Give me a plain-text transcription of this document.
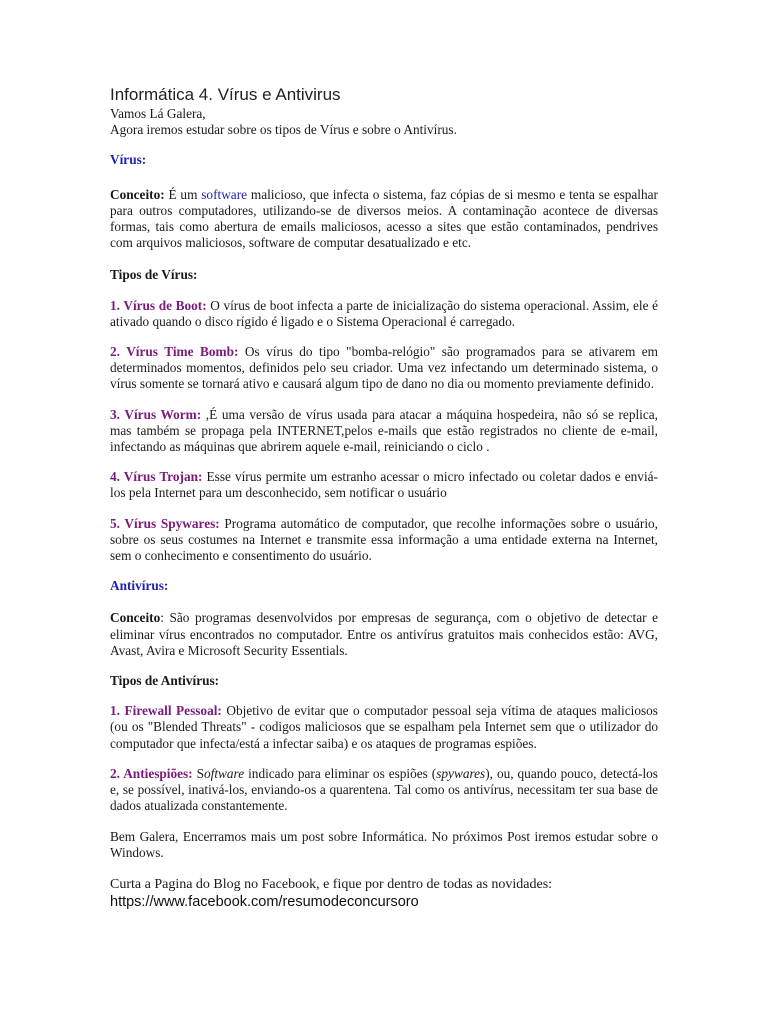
Informática 4. Vírus e Antivirus

Vamos Lá Galera,

Agora iremos estudar sobre os tipos de Vírus e sobre o Antivírus.

Vírus:

Conceito: É um software malicioso, que infecta o sistema, faz cópias de si mesmo e tenta se espalhar para outros computadores, utilizando-se de diversos meios. A contaminação acontece de diversas formas, tais como abertura de emails maliciosos, acesso a sites que estão contaminados, pendrives com arquivos maliciosos, software de computar desatualizado e etc.

Tipos de Vírus:

1. Vírus de Boot: O vírus de boot infecta a parte de inicialização do sistema operacional. Assim, ele é ativado quando o disco rígido é ligado e o Sistema Operacional é carregado.

2. Vírus Time Bomb: Os vírus do tipo "bomba-relógio" são programados para se ativarem em determinados momentos, definidos pelo seu criador. Uma vez infectando um determinado sistema, o vírus somente se tornará ativo e causará algum tipo de dano no dia ou momento previamente definido.

3. Vírus Worm: ,É uma versão de vírus usada para atacar a máquina hospedeira, não só se replica, mas também se propaga pela INTERNET,pelos e-mails que estão registrados no cliente de e-mail, infectando as máquinas que abrirem aquele e-mail, reiniciando o ciclo .

4. Vírus Trojan: Esse vírus permite um estranho acessar o micro infectado ou coletar dados e enviá-los pela Internet para um desconhecido, sem notificar o usuário

5. Vírus Spywares: Programa automático de computador, que recolhe informações sobre o usuário, sobre os seus costumes na Internet e transmite essa informação a uma entidade externa na Internet, sem o conhecimento e consentimento do usuário.

Antivírus:

Conceito: São programas desenvolvidos por empresas de segurança, com o objetivo de detectar e eliminar vírus encontrados no computador. Entre os antivírus gratuitos mais conhecidos estão: AVG, Avast, Avira e Microsoft Security Essentials.

Tipos de Antivírus:

1. Firewall Pessoal: Objetivo de evitar que o computador pessoal seja vítima de ataques maliciosos (ou os "Blended Threats" - codigos maliciosos que se espalham pela Internet sem que o utilizador do computador que infecta/está a infectar saiba) e os ataques de programas espiões.

2. Antiespiões: Software indicado para eliminar os espiões (spywares), ou, quando pouco, detectá-los e, se possível, inativá-los, enviando-os a quarentena. Tal como os antivírus, necessitam ter sua base de dados atualizada constantemente.

Bem Galera, Encerramos mais um post sobre Informática. No próximos Post iremos estudar sobre o Windows.

Curta a Pagina do Blog no Facebook, e fique por dentro de todas as novidades:

https://www.facebook.com/resumodeconcursoro
